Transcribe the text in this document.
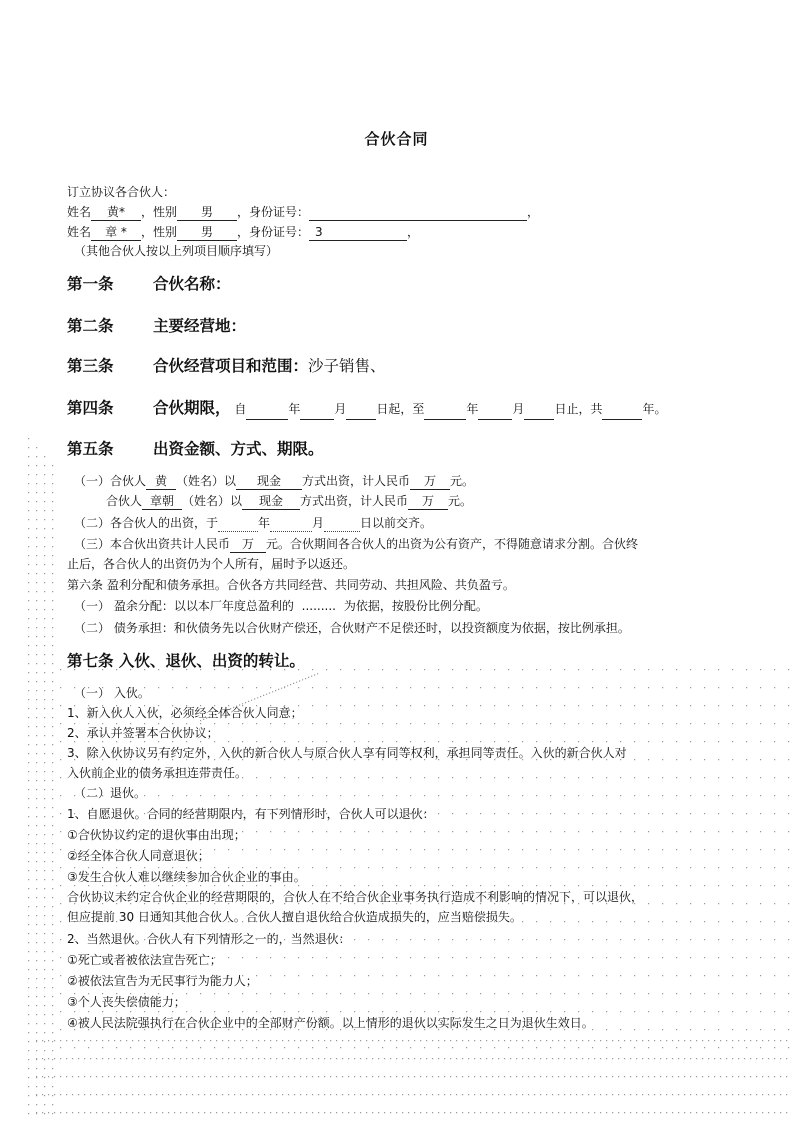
合伙合同
订立协议各合伙人：
姓名 黄* ，性别 男 ，身份证号：	，
姓名 章 * ，性别 男 ，身份证号： 3	，
（其他合伙人按以上列项目顺序填写）
第一条	合伙名称：
第二条	主要经营地：
第三条	合伙经营项目和范围：沙子销售、
第四条	合伙期限， 自	年	月	日起，至	年	月	日止，共	年。
第五条	出资金额、方式、期限。
（一）合伙人 黄 （姓名）以 现金 方式出资，计人民币 万 元。
合伙人 章朝 （姓名）以 现金 方式出资，计人民币 万 元。
（二）各合伙人的出资，于	年	月	日以前交齐。
（三）本合伙出资共计人民币 万 元。合伙期间各合伙人的出资为公有资产，不得随意请求分割。合伙终
止后，各合伙人的出资仍为个人所有，届时予以返还。
第六条 盈利分配和债务承担。合伙各方共同经营、共同劳动、共担风险、共负盈亏。
（一） 盈余分配：以以本厂年度总盈利的 ......... 为依据，按股份比例分配。
（二） 债务承担：和伙债务先以合伙财产偿还，合伙财产不足偿还时，以投资额度为依据，按比例承担。
第七条 入伙、退伙、出资的转让。
（一） 入伙。
1、新入伙人入伙，必须经全体合伙人同意；
2、承认并签署本合伙协议；
3、除入伙协议另有约定外，入伙的新合伙人与原合伙人享有同等权利，承担同等责任。入伙的新合伙人对
入伙前企业的债务承担连带责任。
（二）退伙。
1、自愿退伙。合同的经营期限内，有下列情形时，合伙人可以退伙：
①合伙协议约定的退伙事由出现；
②经全体合伙人同意退伙；
③发生合伙人难以继续参加合伙企业的事由。
合伙协议未约定合伙企业的经营期限的，合伙人在不给合伙企业事务执行造成不利影响的情况下，可以退伙，
但应提前 30 日通知其他合伙人。合伙人擅自退伙给合伙造成损失的，应当赔偿损失。
2、当然退伙。合伙人有下列情形之一的，当然退伙：
①死亡或者被依法宣告死亡；
②被依法宣告为无民事行为能力人；
③个人丧失偿债能力；
④被人民法院强执行在合伙企业中的全部财产份额。以上情形的退伙以实际发生之日为退伙生效日。
